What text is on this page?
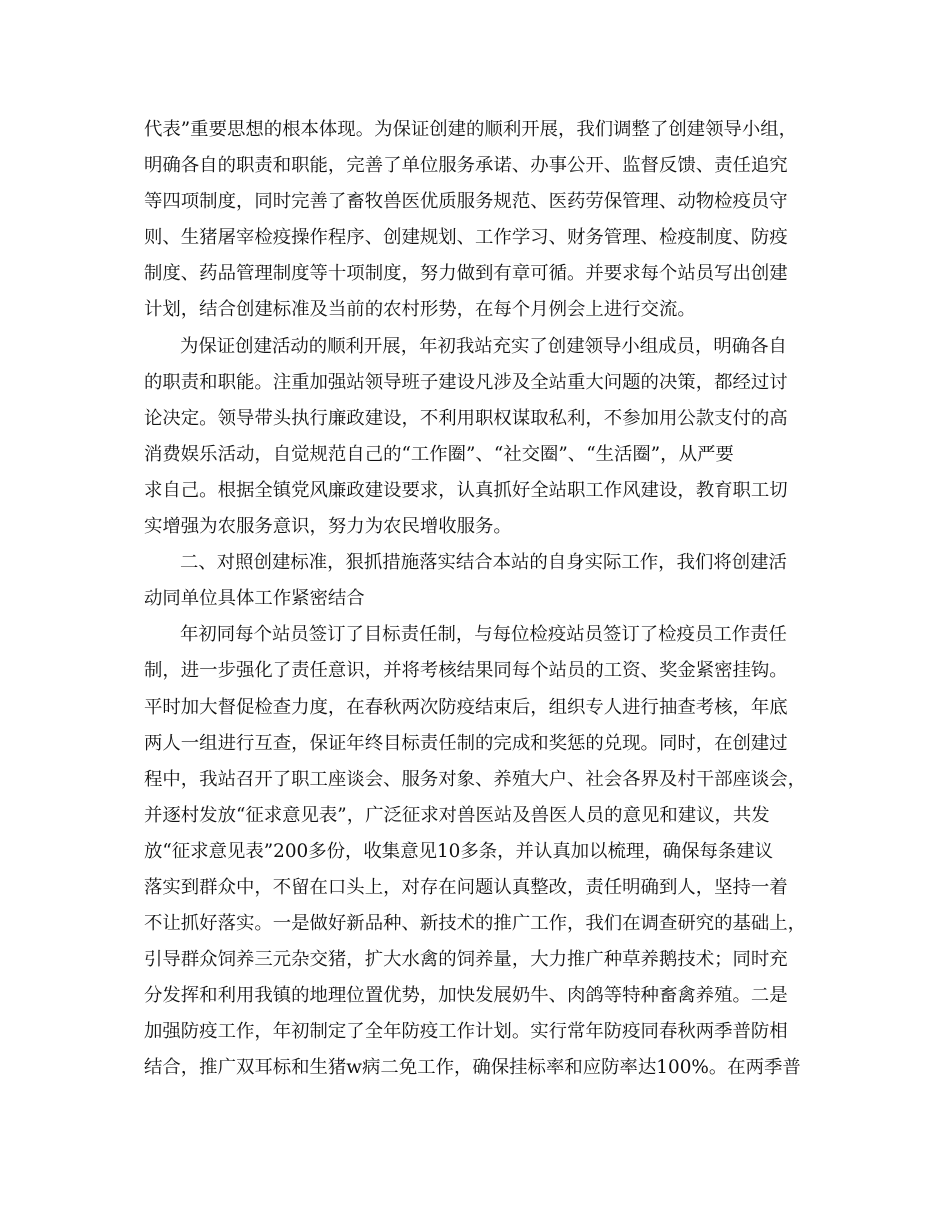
代表”重要思想的根本体现。为保证创建的顺利开展，我们调整了创建领导小组，
明确各自的职责和职能，完善了单位服务承诺、办事公开、监督反馈、责任追究
等四项制度，同时完善了畜牧兽医优质服务规范、医药劳保管理、动物检疫员守
则、生猪屠宰检疫操作程序、创建规划、工作学习、财务管理、检疫制度、防疫
制度、药品管理制度等十项制度，努力做到有章可循。并要求每个站员写出创建
计划，结合创建标准及当前的农村形势，在每个月例会上进行交流。
为保证创建活动的顺利开展，年初我站充实了创建领导小组成员，明确各自
的职责和职能。注重加强站领导班子建设凡涉及全站重大问题的决策，都经过讨
论决定。领导带头执行廉政建设，不利用职权谋取私利，不参加用公款支付的高
消费娱乐活动，自觉规范自己的“工作圈”、“社交圈”、“生活圈”，从严要
求自己。根据全镇党风廉政建设要求，认真抓好全站职工作风建设，教育职工切
实增强为农服务意识，努力为农民增收服务。
二、对照创建标准，狠抓措施落实结合本站的自身实际工作，我们将创建活
动同单位具体工作紧密结合
年初同每个站员签订了目标责任制，与每位检疫站员签订了检疫员工作责任
制，进一步强化了责任意识，并将考核结果同每个站员的工资、奖金紧密挂钩。
平时加大督促检查力度，在春秋两次防疫结束后，组织专人进行抽查考核，年底
两人一组进行互查，保证年终目标责任制的完成和奖惩的兑现。同时，在创建过
程中，我站召开了职工座谈会、服务对象、养殖大户、社会各界及村干部座谈会，
并逐村发放“征求意见表”，广泛征求对兽医站及兽医人员的意见和建议，共发
放“征求意见表”200多份，收集意见10多条，并认真加以梳理，确保每条建议
落实到群众中，不留在口头上，对存在问题认真整改，责任明确到人，坚持一着
不让抓好落实。一是做好新品种、新技术的推广工作，我们在调查研究的基础上，
引导群众饲养三元杂交猪，扩大水禽的饲养量，大力推广种草养鹅技术；同时充
分发挥和利用我镇的地理位置优势，加快发展奶牛、肉鸽等特种畜禽养殖。二是
加强防疫工作，年初制定了全年防疫工作计划。实行常年防疫同春秋两季普防相
结合，推广双耳标和生猪w病二免工作，确保挂标率和应防率达100%。在两季普
